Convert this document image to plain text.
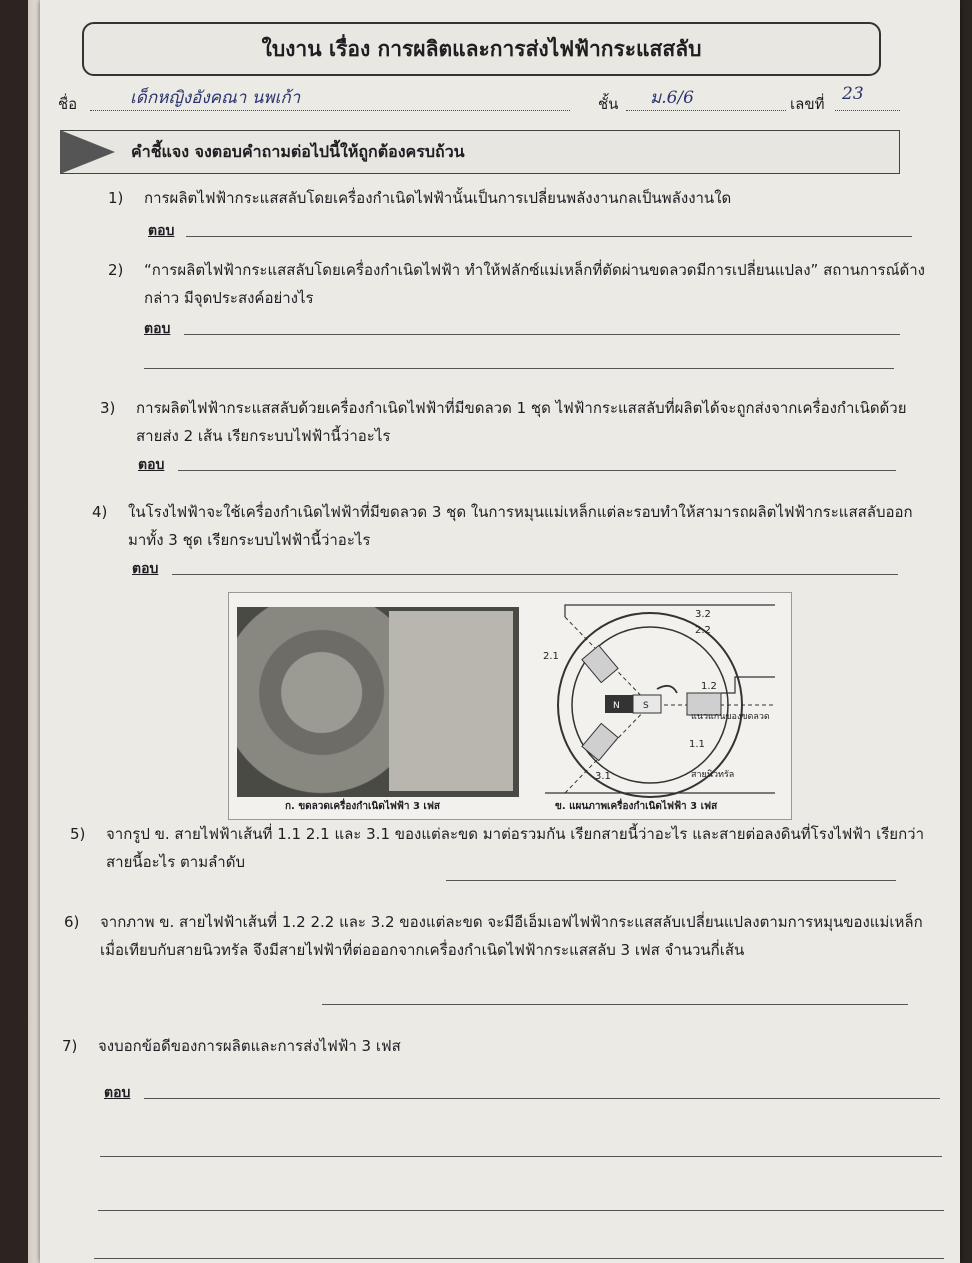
ใบงาน เรื่อง การผลิตและการส่งไฟฟ้ากระแสสลับ
ชื่อ	เด็กหญิงอังคณา นพเก้า	ชั้น ม.6/6	เลขที่ 23
คำชี้แจง จงตอบคำถามต่อไปนี้ให้ถูกต้องครบถ้วน
1) การผลิตไฟฟ้ากระแสสลับโดยเครื่องกำเนิดไฟฟ้านั้นเป็นการเปลี่ยนพลังงานกลเป็นพลังงานใด
ตอบ
2) “การผลิตไฟฟ้ากระแสสลับโดยเครื่องกำเนิดไฟฟ้า ทำให้ฟลักซ์แม่เหล็กที่ตัดผ่านขดลวดมีการเปลี่ยนแปลง” สถานการณ์ด้างกล่าว มีจุดประสงค์อย่างไร
ตอบ
3) การผลิตไฟฟ้ากระแสสลับด้วยเครื่องกำเนิดไฟฟ้าที่มีขดลวด 1 ชุด ไฟฟ้ากระแสสลับที่ผลิตได้จะถูกส่งจากเครื่องกำเนิดด้วยสายส่ง 2 เส้น เรียกระบบไฟฟ้านี้ว่าอะไร
ตอบ
4) ในโรงไฟฟ้าจะใช้เครื่องกำเนิดไฟฟ้าที่มีขดลวด 3 ชุด ในการหมุนแม่เหล็กแต่ละรอบทำให้สามารถผลิตไฟฟ้ากระแสสลับออกมาทั้ง 3 ชุด เรียกระบบไฟฟ้านี้ว่าอะไร
ตอบ
ก. ขดลวดเครื่องกำเนิดไฟฟ้า 3 เฟส	ข. แผนภาพเครื่องกำเนิดไฟฟ้า 3 เฟส
3.2
2.2
2.1
1.2
1.1
3.1
แนวแกนของขดลวด
สายนิวทรัล
N	S
5) จากรูป ข. สายไฟฟ้าเส้นที่ 1.1 2.1 และ 3.1 ของแต่ละขด มาต่อรวมกัน เรียกสายนี้ว่าอะไร และสายต่อลงดินที่โรงไฟฟ้า เรียกว่าสายนี้อะไร ตามลำดับ
6) จากภาพ ข. สายไฟฟ้าเส้นที่ 1.2 2.2 และ 3.2 ของแต่ละขด จะมีอีเอ็มเอฟไฟฟ้ากระแสสลับเปลี่ยนแปลงตามการหมุนของแม่เหล็กเมื่อเทียบกับสายนิวทรัล จึงมีสายไฟฟ้าที่ต่อออกจากเครื่องกำเนิดไฟฟ้ากระแสสลับ 3 เฟส จำนวนกี่เส้น
7) จงบอกข้อดีของการผลิตและการส่งไฟฟ้า 3 เฟส
ตอบ
